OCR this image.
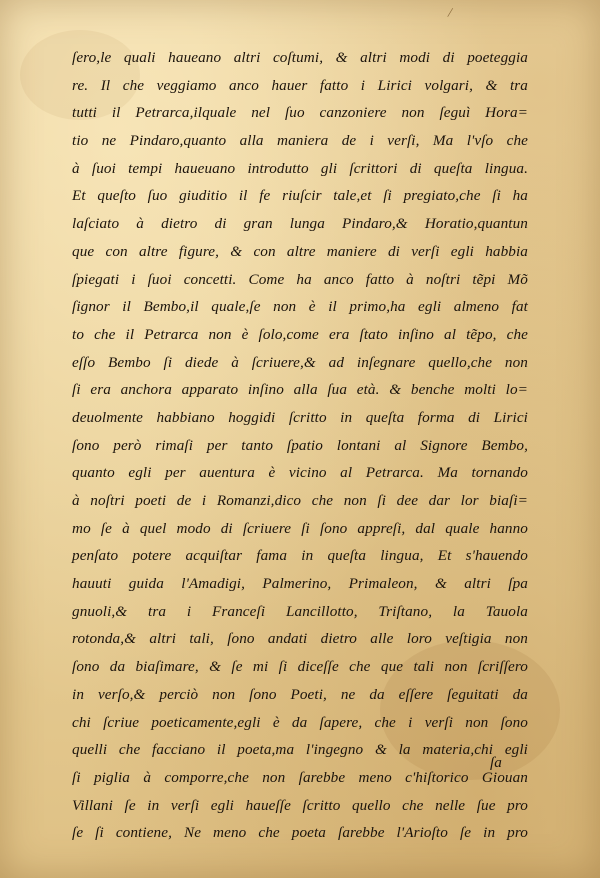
/
ſero,le quali haueano altri coſtumi, & altri modi di poeteggia
re. Il che veggiamo anco hauer fatto i Lirici volgari, & tra
tutti il Petrarca,ilquale nel ſuo canzoniere non ſeguì Hora=
tio ne Pindaro,quanto alla maniera de i verſi, Ma l'vſo che
à ſuoi tempi haueuano introdutto gli ſcrittori di queſta lingua.
Et queſto ſuo giuditio il fe riuſcir tale,et ſi pregiato,che ſi ha
laſciato à dietro di gran lunga Pindaro,& Horatio,quantun
que con altre figure, & con altre maniere di verſi egli habbia
ſpiegati i ſuoi concetti. Come ha anco fatto à noſtri tẽpi Mõ
ſignor il Bembo,il quale,ſe non è il primo,ha egli almeno fat
to che il Petrarca non è ſolo,come era ſtato inſino al tẽpo, che
eſſo Bembo ſi diede à ſcriuere,& ad inſegnare quello,che non
ſi era anchora apparato inſino alla ſua età. & benche molti lo=
deuolmente habbiano hoggidi ſcritto in queſta forma di Lirici
ſono però rimaſi per tanto ſpatio lontani al Signore Bembo,
quanto egli per auentura è vicino al Petrarca. Ma tornando
à noſtri poeti de i Romanzi,dico che non ſi dee dar lor biaſi=
mo ſe à quel modo di ſcriuere ſi ſono appreſi, dal quale hanno
penſato potere acquiſtar fama in queſta lingua, Et s'hauendo
hauuti guida l'Amadigi, Palmerino, Primaleon, & altri ſpa
gnuoli,& tra i Franceſi Lancillotto, Triſtano, la Tauola
rotonda,& altri tali, ſono andati dietro alle loro veſtigia non
ſono da biaſimare, & ſe mi ſi diceſſe che que tali non ſcriſſero
in verſo,& perciò non ſono Poeti, ne da eſſere ſeguitati da
chi ſcriue poeticamente,egli è da ſapere, che i verſi non ſono
quelli che facciano il poeta,ma l'ingegno & la materia,chi egli
ſi piglia à comporre,che non ſarebbe meno c'hiſtorico Giouan
Villani ſe in verſi egli haueſſe ſcritto quello che nelle ſue pro
ſe ſi contiene, Ne meno che poeta ſarebbe l'Arioſto ſe in pro
ſa
